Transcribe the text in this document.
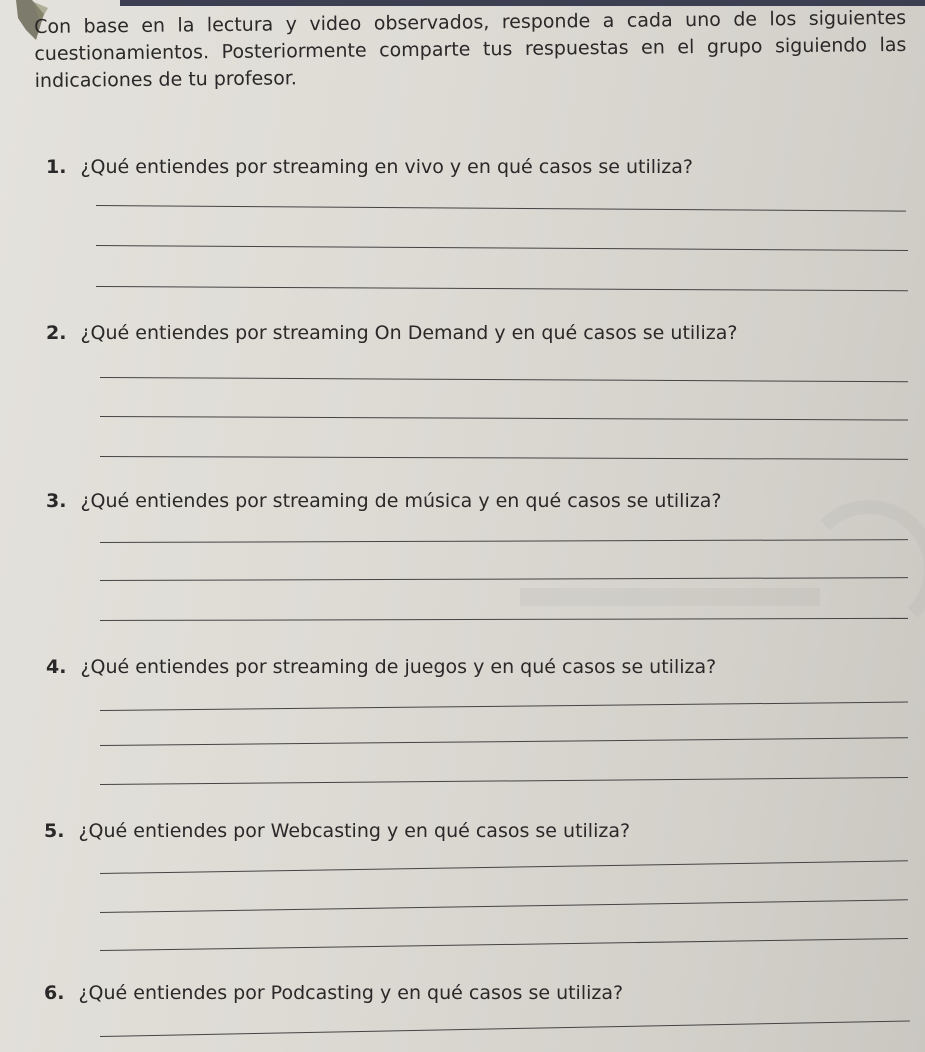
Con base en la lectura y video observados, responde a cada uno de los siguientes cuestionamientos. Posteriormente comparte tus respuestas en el grupo siguiendo las indicaciones de tu profesor.
1. ¿Qué entiendes por streaming en vivo y en qué casos se utiliza?
2. ¿Qué entiendes por streaming On Demand y en qué casos se utiliza?
3. ¿Qué entiendes por streaming de música y en qué casos se utiliza?
4. ¿Qué entiendes por streaming de juegos y en qué casos se utiliza?
5. ¿Qué entiendes por Webcasting y en qué casos se utiliza?
6. ¿Qué entiendes por Podcasting y en qué casos se utiliza?
